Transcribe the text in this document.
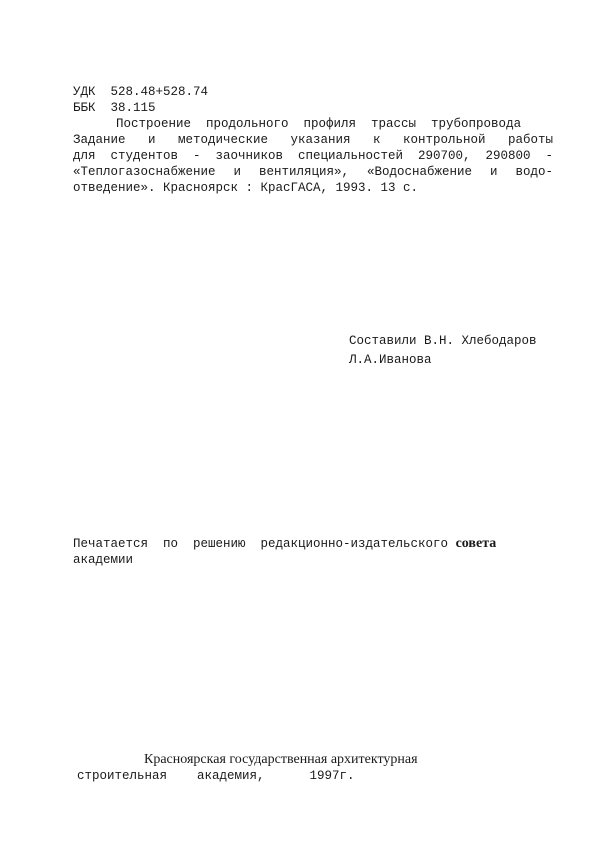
УДК  528.48+528.74
ББК  38.115
Построение  продольного  профиля  трассы  трубопровода
Задание  и  методические  указания  к  контрольной  работы
для студентов - заочников специальностей 290700, 290800 -
«Теплогазоснабжение и вентиляция», «Водоснабжение и водо-
отведение». Красноярск : КрасГАСА, 1993. 13 с.
Составили В.Н. Хлебодаров
Л.А.Иванова
Печатается  по  решению  редакционно-издательского совета
академии
Красноярская государственная архитектурная
строительная    академия,      1997г.
